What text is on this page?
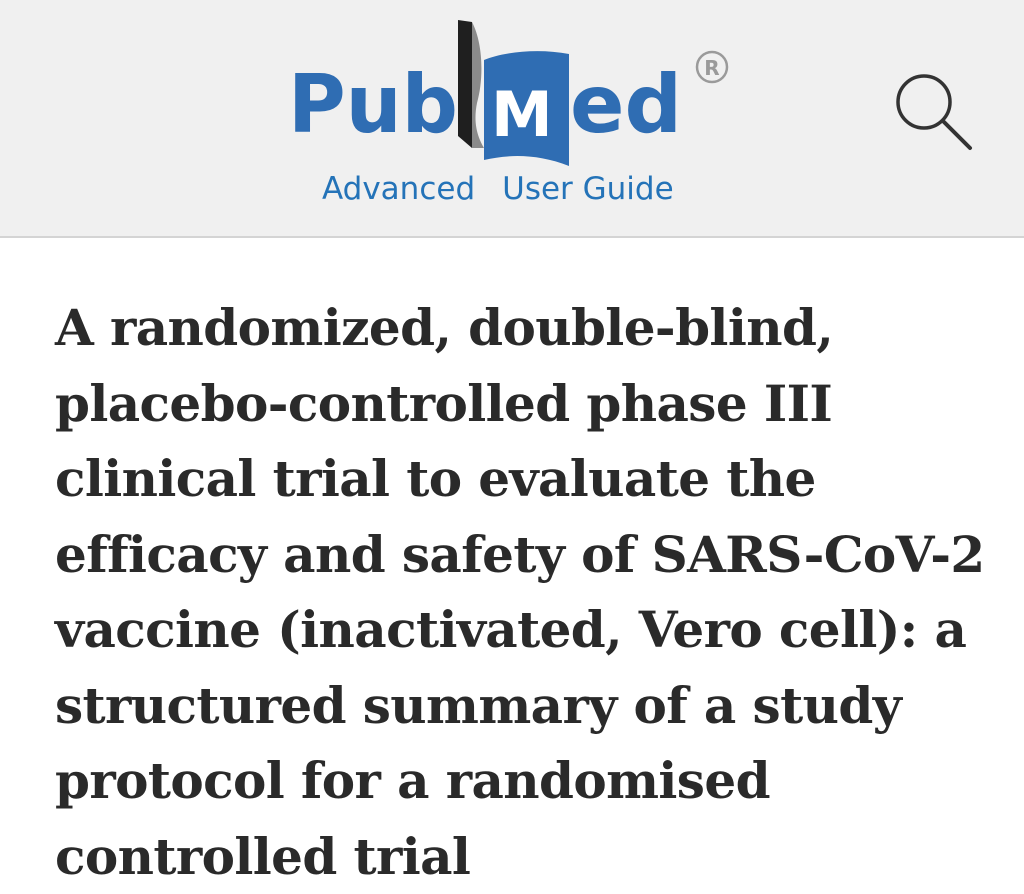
Pub M ed R
Advanced User Guide
A randomized, double-blind, placebo-controlled phase III clinical trial to evaluate the efficacy and safety of SARS-CoV-2 vaccine (inactivated, Vero cell): a structured summary of a study protocol for a randomised controlled trial
